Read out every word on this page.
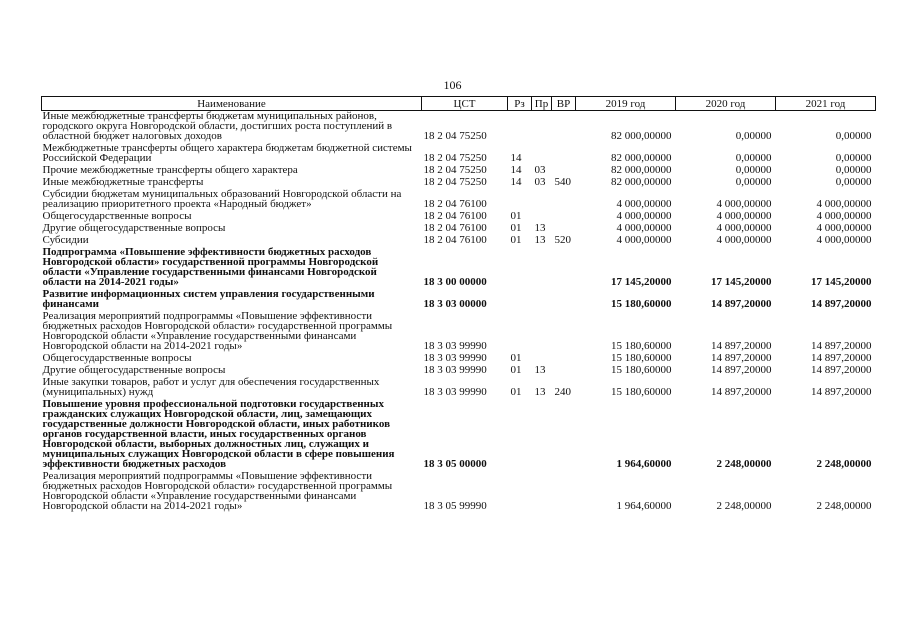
106
Наименование	ЦСТ	Рз	Пр	ВР	2019 год	2020 год	2021 год
Иные межбюджетные трансферты бюджетам муниципальных районов, городского округа Новгородской области, достигших роста поступлений в областной бюджет налоговых доходов	18 2 04 75250				82 000,00000	0,00000	0,00000
Межбюджетные трансферты общего характера бюджетам бюджетной системы Российской Федерации	18 2 04 75250	14			82 000,00000	0,00000	0,00000
Прочие межбюджетные трансферты общего характера	18 2 04 75250	14	03		82 000,00000	0,00000	0,00000
Иные межбюджетные трансферты	18 2 04 75250	14	03	540	82 000,00000	0,00000	0,00000
Субсидии бюджетам муниципальных образований Новгородской области на реализацию приоритетного проекта «Народный бюджет»	18 2 04 76100				4 000,00000	4 000,00000	4 000,00000
Общегосударственные вопросы	18 2 04 76100	01			4 000,00000	4 000,00000	4 000,00000
Другие общегосударственные вопросы	18 2 04 76100	01	13		4 000,00000	4 000,00000	4 000,00000
Субсидии	18 2 04 76100	01	13	520	4 000,00000	4 000,00000	4 000,00000
Подпрограмма «Повышение эффективности бюджетных расходов Новгородской области» государственной программы Новгородской области «Управление государственными финансами Новгородской области на 2014-2021 годы»	18 3 00 00000				17 145,20000	17 145,20000	17 145,20000
Развитие информационных систем управления государственными финансами	18 3 03 00000				15 180,60000	14 897,20000	14 897,20000
Реализация мероприятий подпрограммы «Повышение эффективности бюджетных расходов Новгородской области» государственной программы Новгородской области «Управление государственными финансами Новгородской области на 2014-2021 годы»	18 3 03 99990				15 180,60000	14 897,20000	14 897,20000
Общегосударственные вопросы	18 3 03 99990	01			15 180,60000	14 897,20000	14 897,20000
Другие общегосударственные вопросы	18 3 03 99990	01	13		15 180,60000	14 897,20000	14 897,20000
Иные закупки товаров, работ и услуг для обеспечения государственных (муниципальных) нужд	18 3 03 99990	01	13	240	15 180,60000	14 897,20000	14 897,20000
Повышение уровня профессиональной подготовки государственных гражданских служащих Новгородской области, лиц, замещающих государственные должности Новгородской области, иных работников органов государственной власти, иных государственных органов Новгородской области, выборных должностных лиц, служащих и муниципальных служащих Новгородской области в сфере повышения эффективности бюджетных расходов	18 3 05 00000				1 964,60000	2 248,00000	2 248,00000
Реализация мероприятий подпрограммы «Повышение эффективности бюджетных расходов Новгородской области» государственной программы Новгородской области «Управление государственными финансами Новгородской области на 2014-2021 годы»	18 3 05 99990				1 964,60000	2 248,00000	2 248,00000
